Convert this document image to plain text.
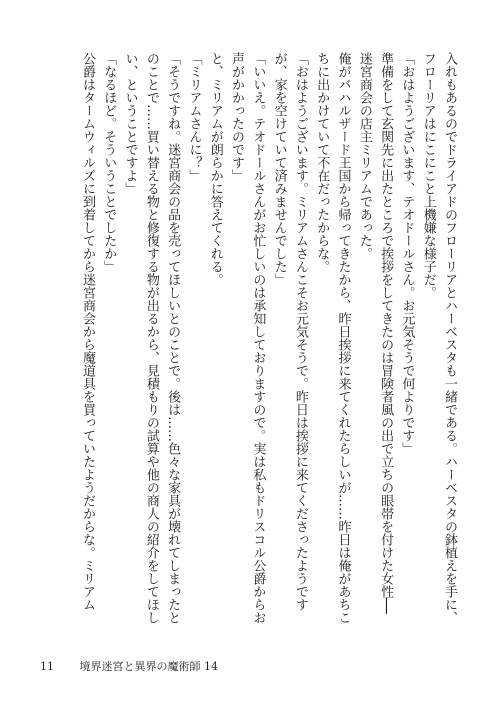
入れもあるのでドライアドのフローリアとハーベスタも一緒である。ハーベスタの鉢植えを手に、フローリアはにこにこと上機嫌な様子だ。

「おはようございます、テオドールさん。お元気そうで何よりです」

準備をして玄関先に出たところで挨拶をしてきたのは冒険者風の出で立ちの眼帯を付けた女性──迷宮商会の店主ミリアムであった。

俺がバハルザード王国から帰ってきたから、昨日挨拶に来てくれたらしいが……昨日は俺があちこちに出かけていて不在だったからな。

「おはようございます。ミリアムさんこそお元気そうで。昨日は挨拶に来てくださったようですが、家を空けていて済みませんでした」

「いいえ。テオドールさんがお忙しいのは承知しておりますので。実は私もドリスコル公爵からお声がかかったのです」

と、ミリアムが朗らかに答えてくれる。

「ミリアムさんに？」

「そうですね。迷宮商会の品を売ってほしいとのことで。後は……色々な家具が壊れてしまったとのことで……買い替える物と修復する物が出るから、見積もりの試算や他の商人の紹介をしてほしい、ということですよ」

「なるほど。そういうことでしたか」

公爵はタームウィルズに到着してから迷宮商会から魔道具を買っていたようだからな。ミリアム

11 境界迷宮と異界の魔術師 14
